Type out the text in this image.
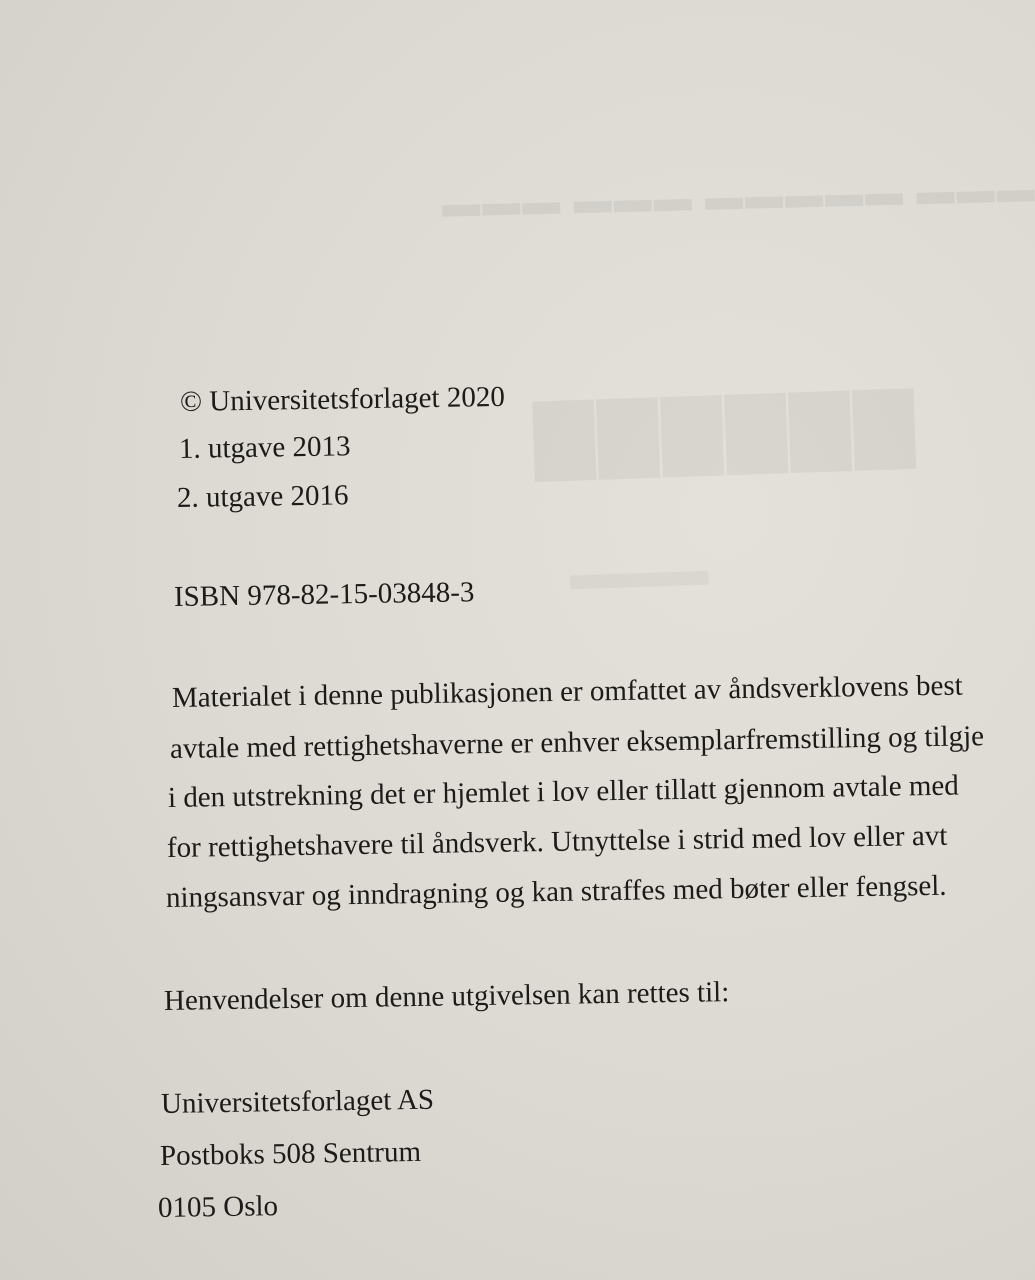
▬▬▬ ▬▬▬▬▬ ▬▬▬ ▬▬▬
▇▇▇▇▇▇
© Universitetsforlaget 2020
1. utgave 2013
2. utgave 2016
ISBN 978-82-15-03848-3
Materialet i denne publikasjonen er omfattet av åndsverklovens best
avtale med rettighetshaverne er enhver eksemplarfremstilling og tilgje
i den utstrekning det er hjemlet i lov eller tillatt gjennom avtale med
for rettighetshavere til åndsverk. Utnyttelse i strid med lov eller avt
ningsansvar og inndragning og kan straffes med bøter eller fengsel.
Henvendelser om denne utgivelsen kan rettes til:
Universitetsforlaget AS
Postboks 508 Sentrum
0105 Oslo
